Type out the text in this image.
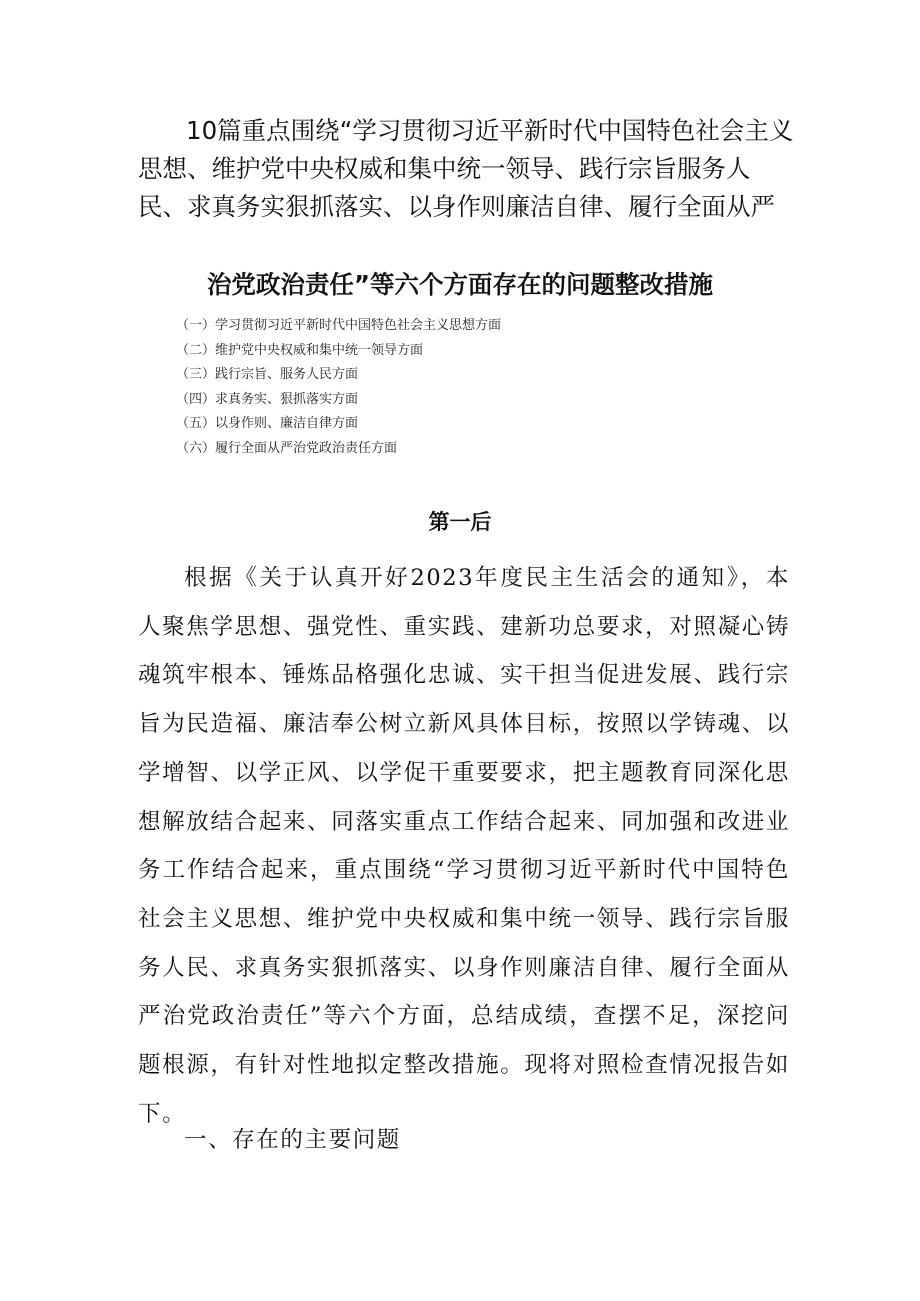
10篇重点围绕“学习贯彻习近平新时代中国特色社会主义思想、维护党中央权威和集中统一领导、践行宗旨服务人民、求真务实狠抓落实、以身作则廉洁自律、履行全面从严
治党政治责任”等六个方面存在的问题整改措施
（一）学习贯彻习近平新时代中国特色社会主义思想方面
（二）维护党中央权威和集中统一领导方面
（三）践行宗旨、服务人民方面
（四）求真务实、狠抓落实方面
（五）以身作则、廉洁自律方面
（六）履行全面从严治党政治责任方面
第一后

根据《关于认真开好2023年度民主生活会的通知》，本人聚焦学思想、强党性、重实践、建新功总要求，对照凝心铸魂筑牢根本、锤炼品格强化忠诚、实干担当促进发展、践行宗旨为民造福、廉洁奉公树立新风具体目标，按照以学铸魂、以学增智、以学正风、以学促干重要要求，把主题教育同深化思想解放结合起来、同落实重点工作结合起来、同加强和改进业务工作结合起来，重点围绕“学习贯彻习近平新时代中国特色社会主义思想、维护党中央权威和集中统一领导、践行宗旨服务人民、求真务实狠抓落实、以身作则廉洁自律、履行全面从严治党政治责任”等六个方面，总结成绩，查摆不足，深挖问题根源，有针对性地拟定整改措施。现将对照检查情况报告如下。

一、存在的主要问题
